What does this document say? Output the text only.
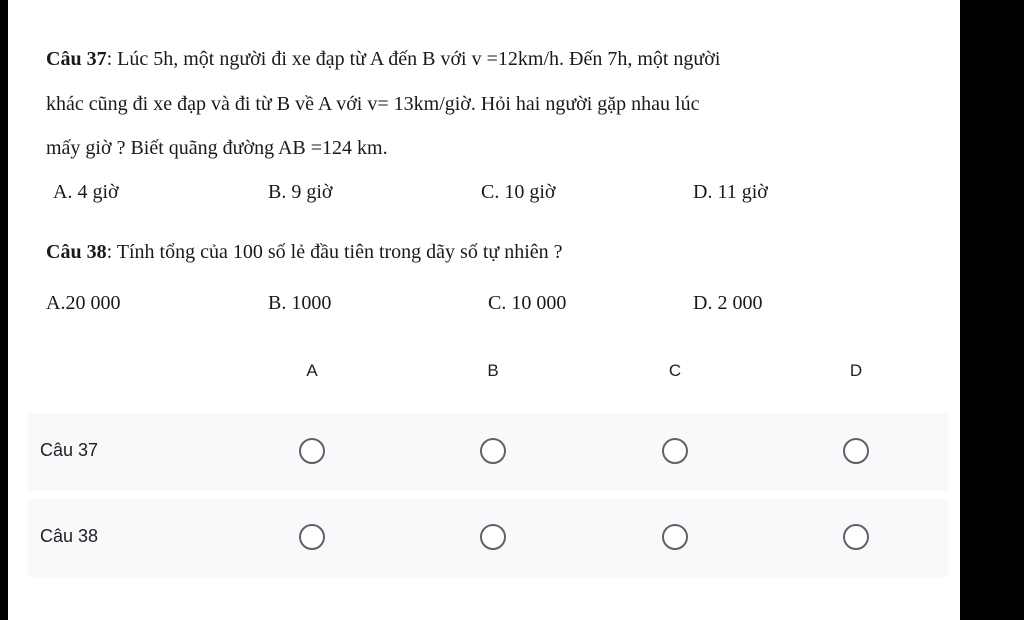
Câu 37: Lúc 5h, một người đi xe đạp từ A đến B với v =12km/h. Đến 7h, một người
khác cũng đi xe đạp và đi từ B về A với v= 13km/giờ. Hỏi hai người gặp nhau lúc
mấy giờ ? Biết quãng đường AB =124 km.
A. 4 giờ	B. 9 giờ	C. 10 giờ	D. 11 giờ
Câu 38: Tính tổng của 100 số lẻ đầu tiên trong dãy số tự nhiên ?
A.20 000	B. 1000	C. 10 000	D. 2 000
A	B	C	D
Câu 37
Câu 38
